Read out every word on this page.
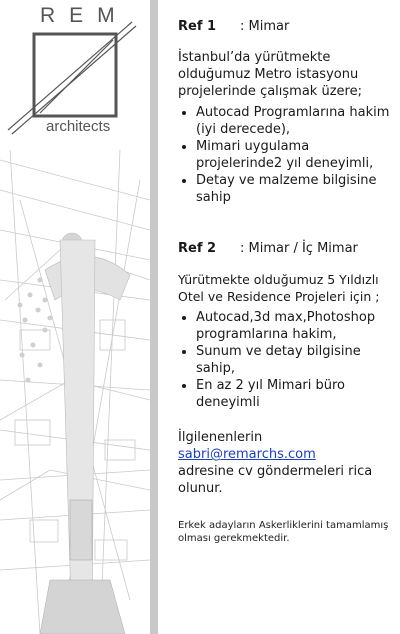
REM
architects
Ref 1	: Mimar
İstanbul’da yürütmekte olduğumuz Metro istasyonu projelerinde çalışmak üzere;
• Autocad Programlarına hakim (iyi derecede),
• Mimari uygulama projelerinde2 yıl deneyimli,
• Detay ve malzeme bilgisine sahip
Ref 2	: Mimar / İç Mimar
Yürütmekte olduğumuz 5 Yıldızlı Otel ve Residence Projeleri için ;
• Autocad,3d max,Photoshop programlarına hakim,
• Sunum ve detay bilgisine sahip,
• En az 2 yıl Mimari büro deneyimli
İlgilenenlerin
sabri@remarchs.com
adresine cv göndermeleri rica olunur.
Erkek adayların Askerliklerini tamamlamış olması gerekmektedir.
